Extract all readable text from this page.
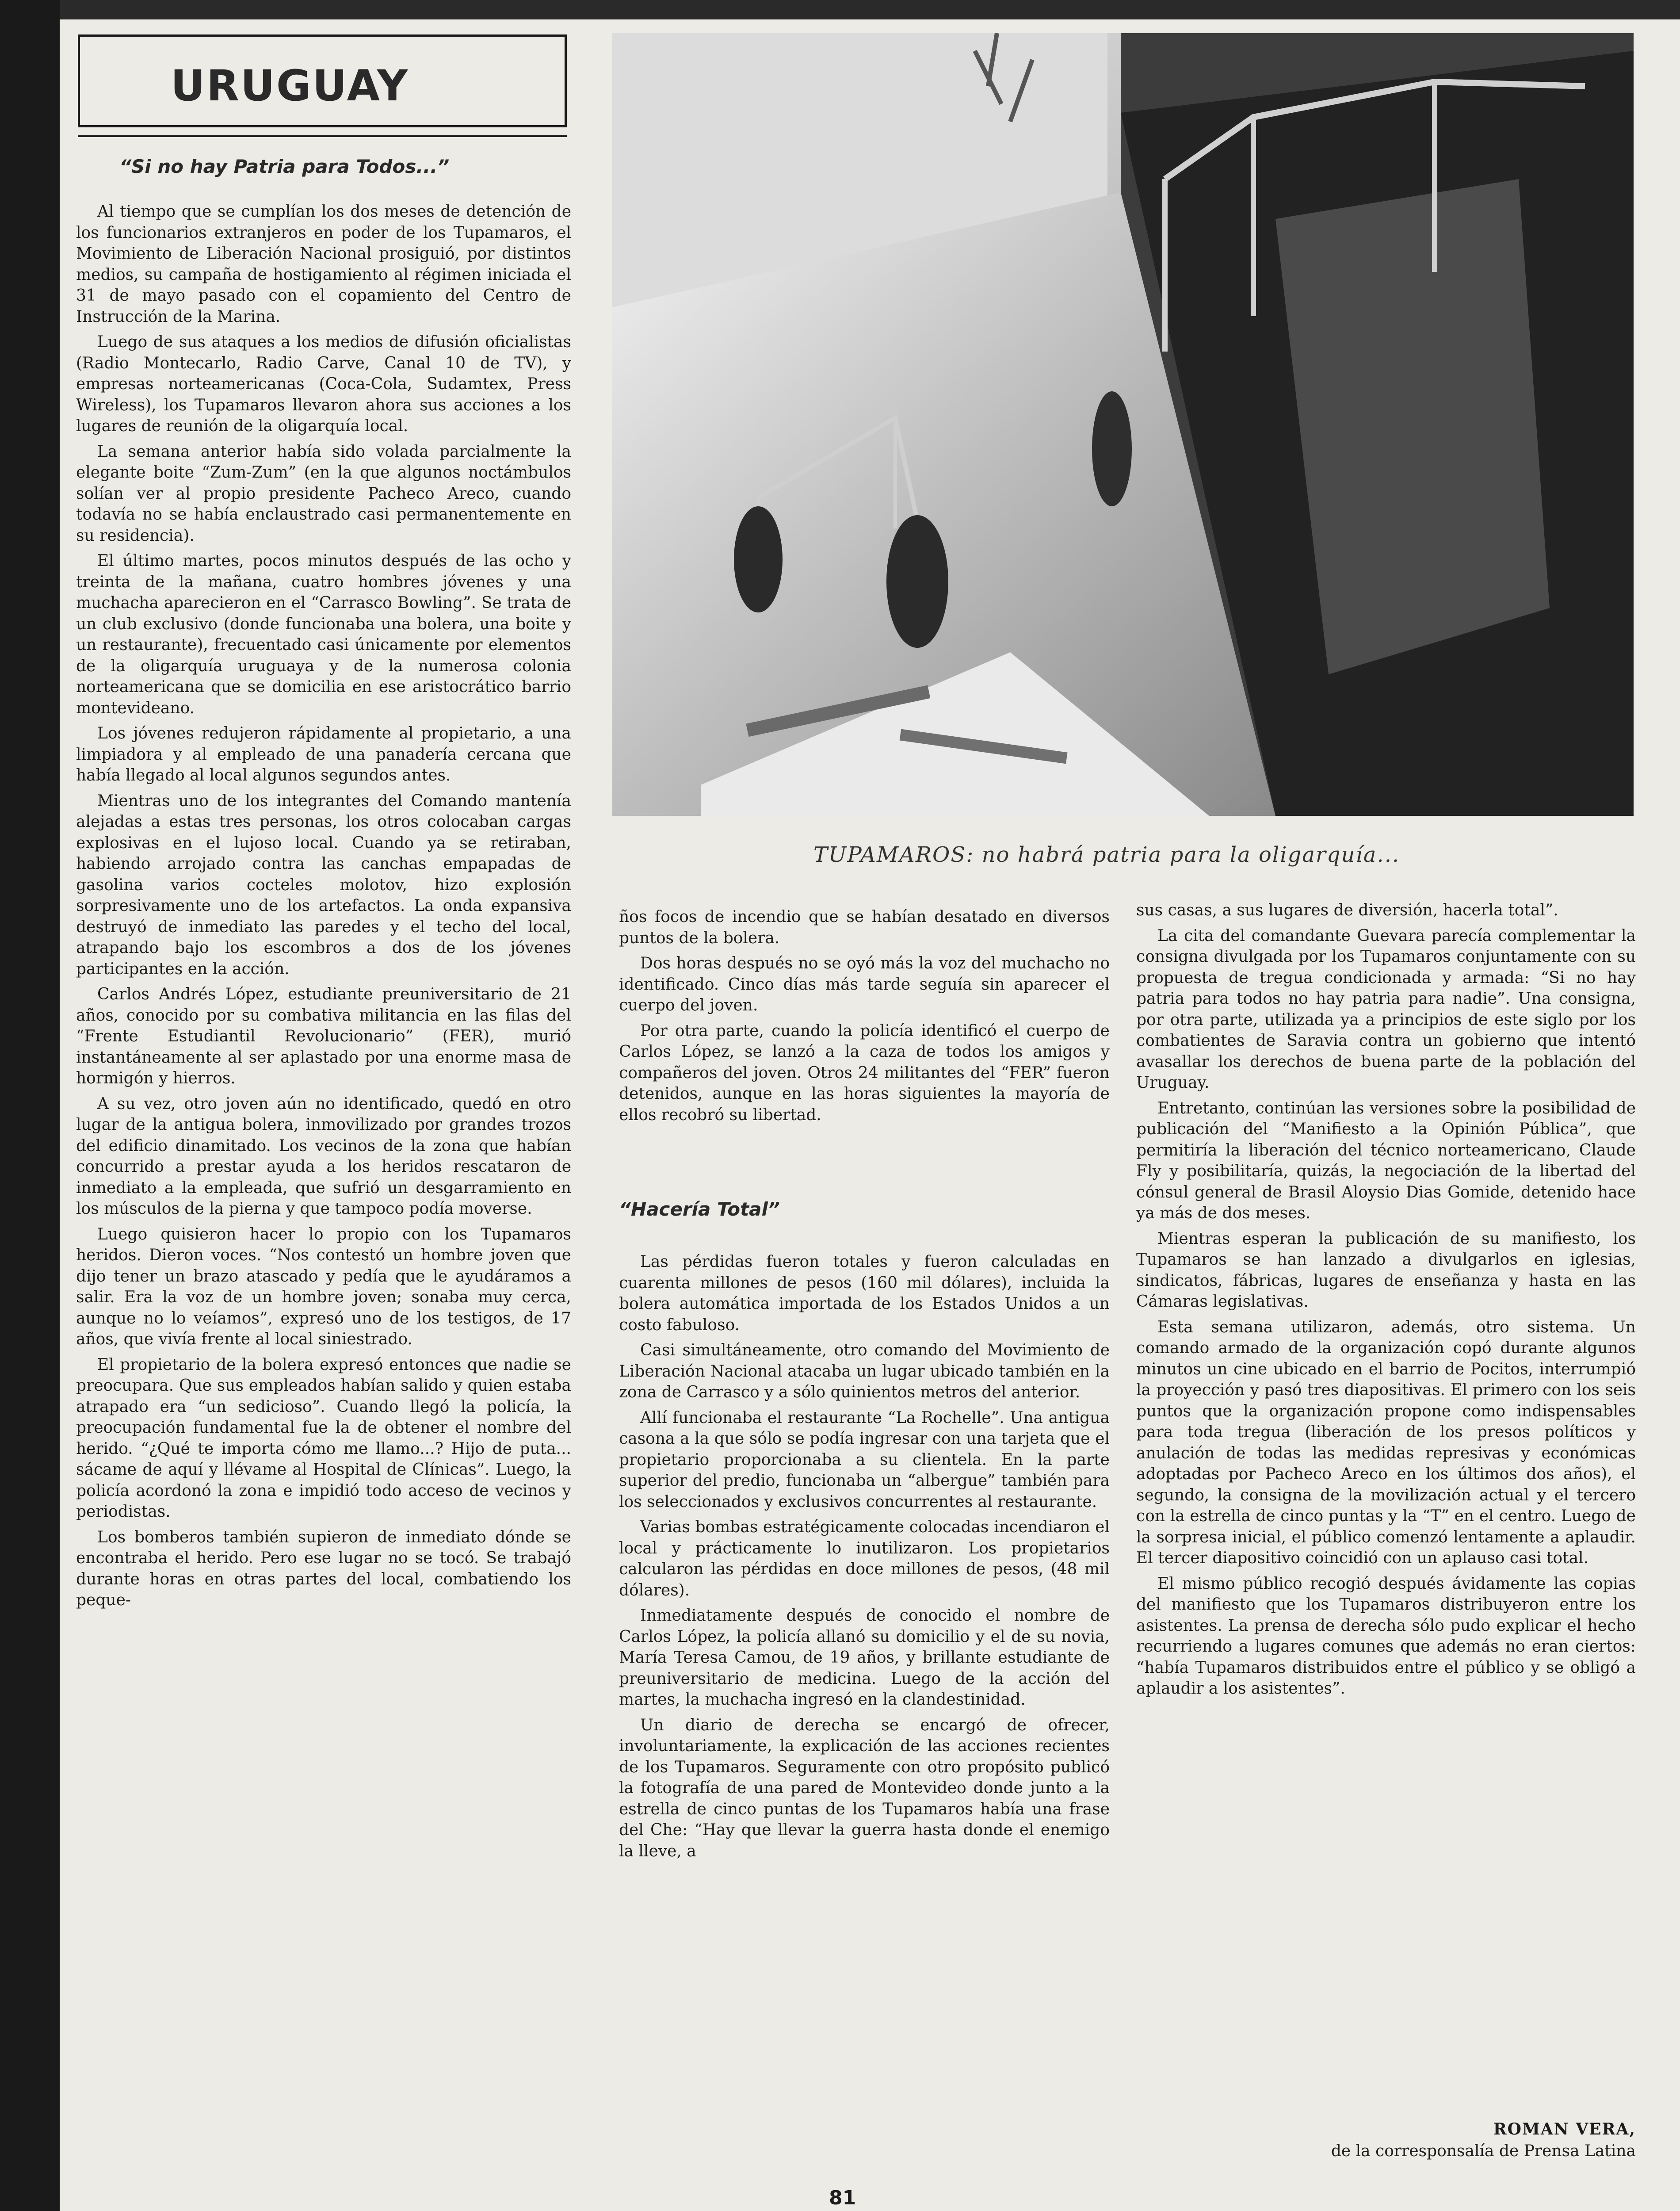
URUGUAY
“Si no hay Patria para Todos...”

Al tiempo que se cumplían los dos meses de detención de los funcionarios extranjeros en poder de los Tupamaros, el Movimiento de Liberación Nacional prosiguió, por distintos medios, su campaña de hostigamiento al régimen iniciada el 31 de mayo pasado con el copamiento del Centro de Instrucción de la Marina.

Luego de sus ataques a los medios de difusión oficialistas (Radio Montecarlo, Radio Carve, Canal 10 de TV), y empresas norteamericanas (Coca-Cola, Sudamtex, Press Wireless), los Tupamaros llevaron ahora sus acciones a los lugares de reunión de la oligarquía local.

La semana anterior había sido volada parcialmente la elegante boite “Zum-Zum” (en la que algunos noctámbulos solían ver al propio presidente Pacheco Areco, cuando todavía no se había enclaustrado casi permanentemente en su residencia).

El último martes, pocos minutos después de las ocho y treinta de la mañana, cuatro hombres jóvenes y una muchacha aparecieron en el “Carrasco Bowling”. Se trata de un club exclusivo (donde funcionaba una bolera, una boite y un restaurante), frecuentado casi únicamente por elementos de la oligarquía uruguaya y de la numerosa colonia norteamericana que se domicilia en ese aristocrático barrio montevideano.

Los jóvenes redujeron rápidamente al propietario, a una limpiadora y al empleado de una panadería cercana que había llegado al local algunos segundos antes.

Mientras uno de los integrantes del Comando mantenía alejadas a estas tres personas, los otros colocaban cargas explosivas en el lujoso local. Cuando ya se retiraban, habiendo arrojado contra las canchas empapadas de gasolina varios cocteles molotov, hizo explosión sorpresivamente uno de los artefactos. La onda expansiva destruyó de inmediato las paredes y el techo del local, atrapando bajo los escombros a dos de los jóvenes participantes en la acción.

Carlos Andrés López, estudiante preuniversitario de 21 años, conocido por su combativa militancia en las filas del “Frente Estudiantil Revolucionario” (FER), murió instantáneamente al ser aplastado por una enorme masa de hormigón y hierros.

A su vez, otro joven aún no identificado, quedó en otro lugar de la antigua bolera, inmovilizado por grandes trozos del edificio dinamitado. Los vecinos de la zona que habían concurrido a prestar ayuda a los heridos rescataron de inmediato a la empleada, que sufrió un desgarramiento en los músculos de la pierna y que tampoco podía moverse.

Luego quisieron hacer lo propio con los Tupamaros heridos. Dieron voces. “Nos contestó un hombre joven que dijo tener un brazo atascado y pedía que le ayudáramos a salir. Era la voz de un hombre joven; sonaba muy cerca, aunque no lo veíamos”, expresó uno de los testigos, de 17 años, que vivía frente al local siniestrado.

El propietario de la bolera expresó entonces que nadie se preocupara. Que sus empleados habían salido y quien estaba atrapado era “un sedicioso”. Cuando llegó la policía, la preocupación fundamental fue la de obtener el nombre del herido. “¿Qué te importa cómo me llamo...? Hijo de puta... sácame de aquí y llévame al Hospital de Clínicas”. Luego, la policía acordonó la zona e impidió todo acceso de vecinos y periodistas.

Los bomberos también supieron de inmediato dónde se encontraba el herido. Pero ese lugar no se tocó. Se trabajó durante horas en otras partes del local, combatiendo los peque-

TUPAMAROS: no habrá patria para la oligarquía...

ños focos de incendio que se habían desatado en diversos puntos de la bolera.

Dos horas después no se oyó más la voz del muchacho no identificado. Cinco días más tarde seguía sin aparecer el cuerpo del joven.

Por otra parte, cuando la policía identificó el cuerpo de Carlos López, se lanzó a la caza de todos los amigos y compañeros del joven. Otros 24 militantes del “FER” fueron detenidos, aunque en las horas siguientes la mayoría de ellos recobró su libertad.

“Hacería Total”

Las pérdidas fueron totales y fueron calculadas en cuarenta millones de pesos (160 mil dólares), incluida la bolera automática importada de los Estados Unidos a un costo fabuloso.

Casi simultáneamente, otro comando del Movimiento de Liberación Nacional atacaba un lugar ubicado también en la zona de Carrasco y a sólo quinientos metros del anterior.

Allí funcionaba el restaurante “La Rochelle”. Una antigua casona a la que sólo se podía ingresar con una tarjeta que el propietario proporcionaba a su clientela. En la parte superior del predio, funcionaba un “albergue” también para los seleccionados y exclusivos concurrentes al restaurante.

Varias bombas estratégicamente colocadas incendiaron el local y prácticamente lo inutilizaron. Los propietarios calcularon las pérdidas en doce millones de pesos, (48 mil dólares).

Inmediatamente después de conocido el nombre de Carlos López, la policía allanó su domicilio y el de su novia, María Teresa Camou, de 19 años, y brillante estudiante de preuniversitario de medicina. Luego de la acción del martes, la muchacha ingresó en la clandestinidad.

Un diario de derecha se encargó de ofrecer, involuntariamente, la explicación de las acciones recientes de los Tupamaros. Seguramente con otro propósito publicó la fotografía de una pared de Montevideo donde junto a la estrella de cinco puntas de los Tupamaros había una frase del Che: “Hay que llevar la guerra hasta donde el enemigo la lleve, a

sus casas, a sus lugares de diversión, hacerla total”.

La cita del comandante Guevara parecía complementar la consigna divulgada por los Tupamaros conjuntamente con su propuesta de tregua condicionada y armada: “Si no hay patria para todos no hay patria para nadie”. Una consigna, por otra parte, utilizada ya a principios de este siglo por los combatientes de Saravia contra un gobierno que intentó avasallar los derechos de buena parte de la población del Uruguay.

Entretanto, continúan las versiones sobre la posibilidad de publicación del “Manifiesto a la Opinión Pública”, que permitiría la liberación del técnico norteamericano, Claude Fly y posibilitaría, quizás, la negociación de la libertad del cónsul general de Brasil Aloysio Dias Gomide, detenido hace ya más de dos meses.

Mientras esperan la publicación de su manifiesto, los Tupamaros se han lanzado a divulgarlos en iglesias, sindicatos, fábricas, lugares de enseñanza y hasta en las Cámaras legislativas.

Esta semana utilizaron, además, otro sistema. Un comando armado de la organización copó durante algunos minutos un cine ubicado en el barrio de Pocitos, interrumpió la proyección y pasó tres diapositivas. El primero con los seis puntos que la organización propone como indispensables para toda tregua (liberación de los presos políticos y anulación de todas las medidas represivas y económicas adoptadas por Pacheco Areco en los últimos dos años), el segundo, la consigna de la movilización actual y el tercero con la estrella de cinco puntas y la “T” en el centro. Luego de la sorpresa inicial, el público comenzó lentamente a aplaudir. El tercer diapositivo coincidió con un aplauso casi total.

El mismo público recogió después ávidamente las copias del manifiesto que los Tupamaros distribuyeron entre los asistentes. La prensa de derecha sólo pudo explicar el hecho recurriendo a lugares comunes que además no eran ciertos: “había Tupamaros distribuidos entre el público y se obligó a aplaudir a los asistentes”.

ROMAN VERA,
de la corresponsalía de Prensa Latina
81
